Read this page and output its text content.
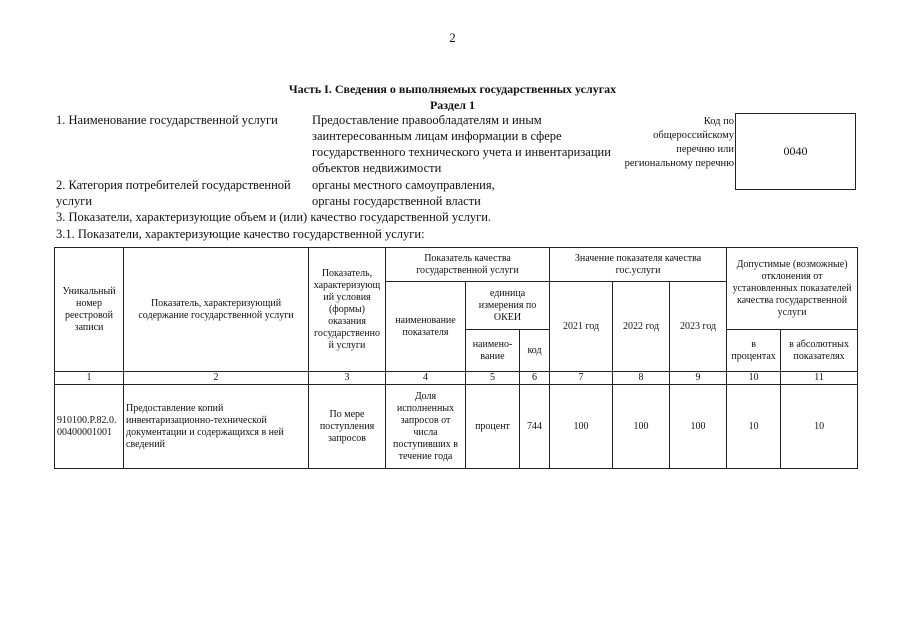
2
Часть I. Сведения о выполняемых государственных услугах
Раздел 1
1. Наименование государственной услуги	Предоставление правообладателям и иным
заинтересованным лицам информации в сфере
государственного технического учета и инвентаризации
объектов недвижимости
Код по
общероссийскому
перечню или
региональному перечню
0040
2. Категория потребителей государственной
услуги
органы местного самоуправления,
органы государственной власти
3. Показатели, характеризующие объем и (или) качество государственной услуги.
3.1. Показатели, характеризующие качество государственной услуги:
Уникальный номер реестровой записи	Показатель, характеризующий содержание государственной услуги	Показатель, характеризующ ий условия (формы) оказания государственно й услуги	Показатель качества государственной услуги			Значение показателя качества гос.услуги			Допустимые (возможные) отклонения от установленных показателей качества государственной услуги	
			наименование показателя	единица измерения по ОКЕИ		2021 год	2022 год	2023 год		
				наимено-вание	код				в процентах	в абсолютных показателях
1	2	3	4	5	6	7	8	9	10	11
910100.P.82.0.00400001001	Предоставление копий инвентаризационно-технической документации и содержащихся в ней сведений	По мере поступления запросов	Доля исполненных запросов от числа поступивших в течение года	процент	744	100	100	100	10	10
